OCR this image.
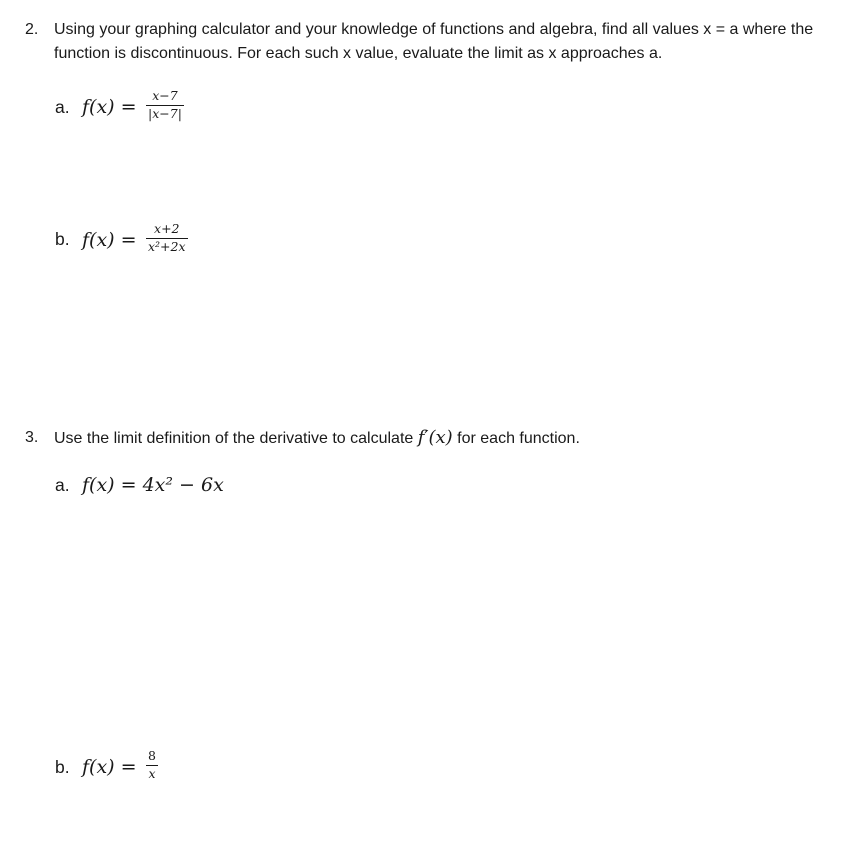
2. Using your graphing calculator and your knowledge of functions and algebra, find all values x = a where the
function is discontinuous. For each such x value, evaluate the limit as x approaches a.
a. f(x) =
x−7
|x−7|
b. f(x) =
x+2
x²+2x
3. Use the limit definition of the derivative to calculate f′(x) for each function.
a. f(x) = 4x² − 6x
b. f(x) =
8
x
